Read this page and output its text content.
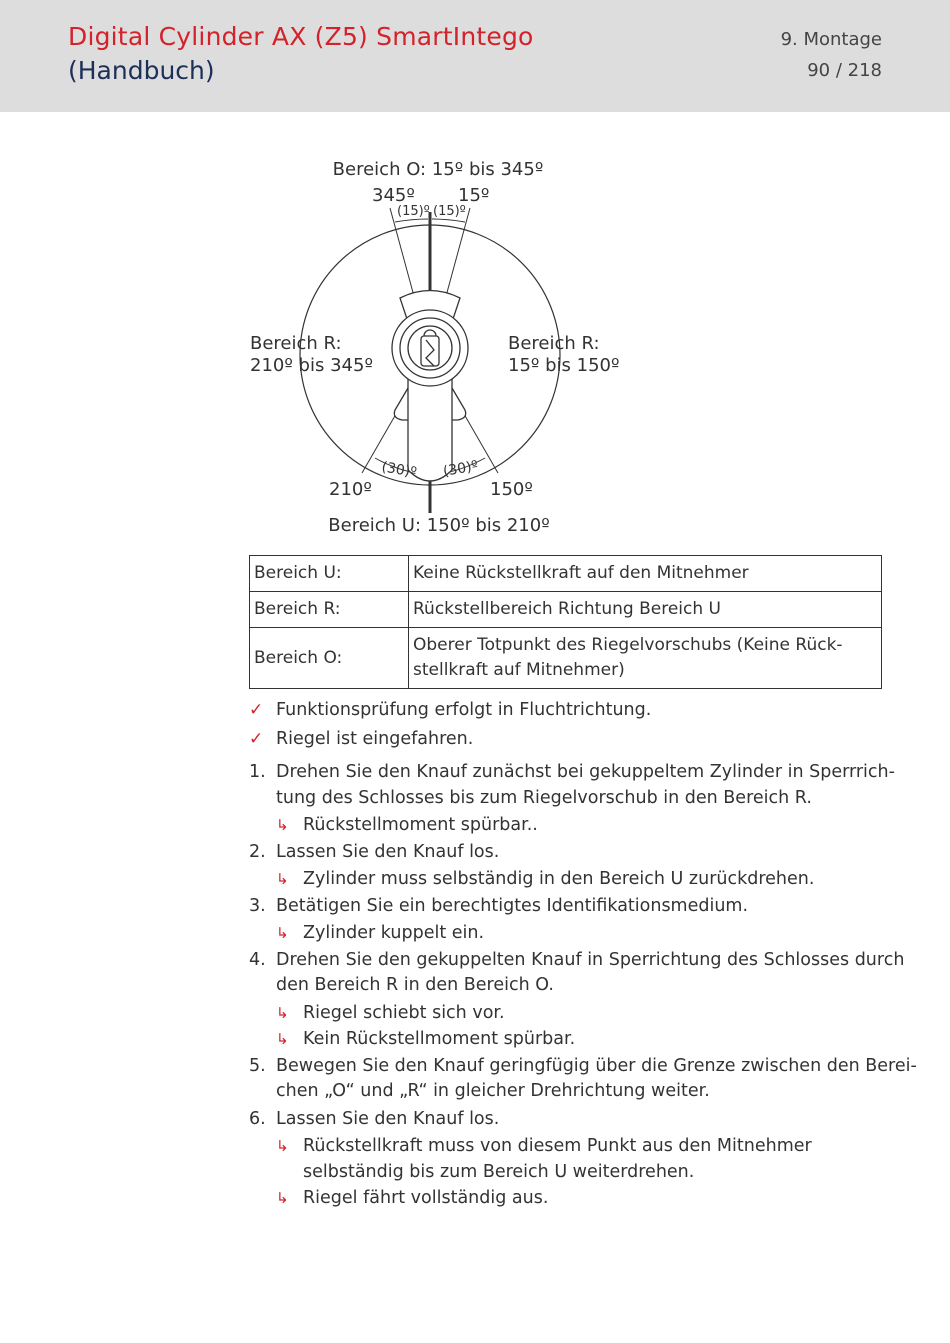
Digital Cylinder AX (Z5) SmartIntego
(Handbuch)
9. Montage
90 / 218
Bereich O: 15º bis 345º
345º 15º
(15)º (15)º
Bereich R:
210º bis 345º
Bereich R:
15º bis 150º
(30)º (30)º
210º	150º
Bereich U: 150º bis 210º
Bereich U:	Keine Rückstellkraft auf den Mitnehmer

Bereich R:	Rückstellbereich Richtung Bereich U

Bereich O:	Oberer Totpunkt des Riegelvorschubs (Keine Rück-
stellkraft auf Mitnehmer)
✓ Funktionsprüfung erfolgt in Fluchtrichtung.
✓ Riegel ist eingefahren.
1. Drehen Sie den Knauf zunächst bei gekuppeltem Zylinder in Sperrrich-
tung des Schlosses bis zum Riegelvorschub in den Bereich R.
↳ Rückstellmoment spürbar..
2. Lassen Sie den Knauf los.
↳ Zylinder muss selbständig in den Bereich U zurückdrehen.
3. Betätigen Sie ein berechtigtes Identifikationsmedium.
↳ Zylinder kuppelt ein.
4. Drehen Sie den gekuppelten Knauf in Sperrichtung des Schlosses durch
den Bereich R in den Bereich O.
↳ Riegel schiebt sich vor.
↳ Kein Rückstellmoment spürbar.
5. Bewegen Sie den Knauf geringfügig über die Grenze zwischen den Berei-
chen „O“ und „R“ in gleicher Drehrichtung weiter.
6. Lassen Sie den Knauf los.
↳ Rückstellkraft muss von diesem Punkt aus den Mitnehmer
selbständig bis zum Bereich U weiterdrehen.
↳ Riegel fährt vollständig aus.
